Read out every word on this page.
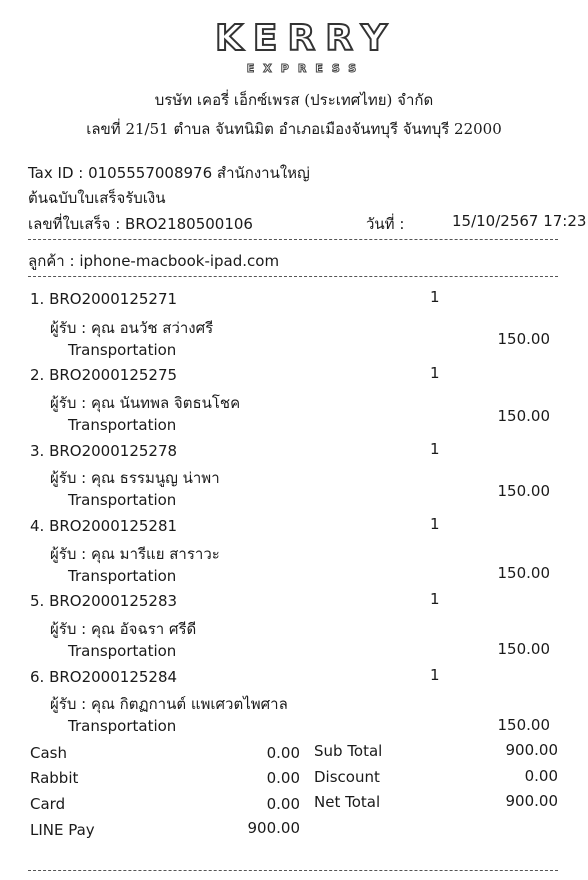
KERRY
EXPRESS
บรษัท เคอรี่ เอ็กซ์เพรส (ประเทศไทย) จำกัด
เลขที่ 21/51 ตำบล จันทนิมิต อำเภอเมืองจันทบุรี จันทบุรี 22000
Tax ID : 0105557008976 สำนักงานใหญ่
ต้นฉบับใบเสร็จรับเงิน
เลขที่ใบเสร็จ : BRO2180500106	วันที่ :	15/10/2567 17:23
ลูกค้า : iphone-macbook-ipad.com
1. BRO2000125271	1
ผู้รับ : คุณ อนวัช สว่างศรี
Transportation
150.00
2. BRO2000125275	1
ผู้รับ : คุณ นันทพล จิตธนโชค
Transportation	150.00
3. BRO2000125278	1
ผู้รับ : คุณ ธรรมนูญ น่าพา
Transportation	150.00
4. BRO2000125281	1
ผู้รับ : คุณ มารีแย สาราวะ
Transportation	150.00
5. BRO2000125283	1
ผู้รับ : คุณ อัจฉรา ศรีดี
Transportation	150.00
6. BRO2000125284	1
ผู้รับ : คุณ กิตฏกานต์ แพเศวตไพศาล
Transportation	150.00
Cash	0.00 Sub Total	900.00
Rabbit	0.00 Discount	0.00
Card	0.00 Net Total	900.00
LINE Pay	900.00
